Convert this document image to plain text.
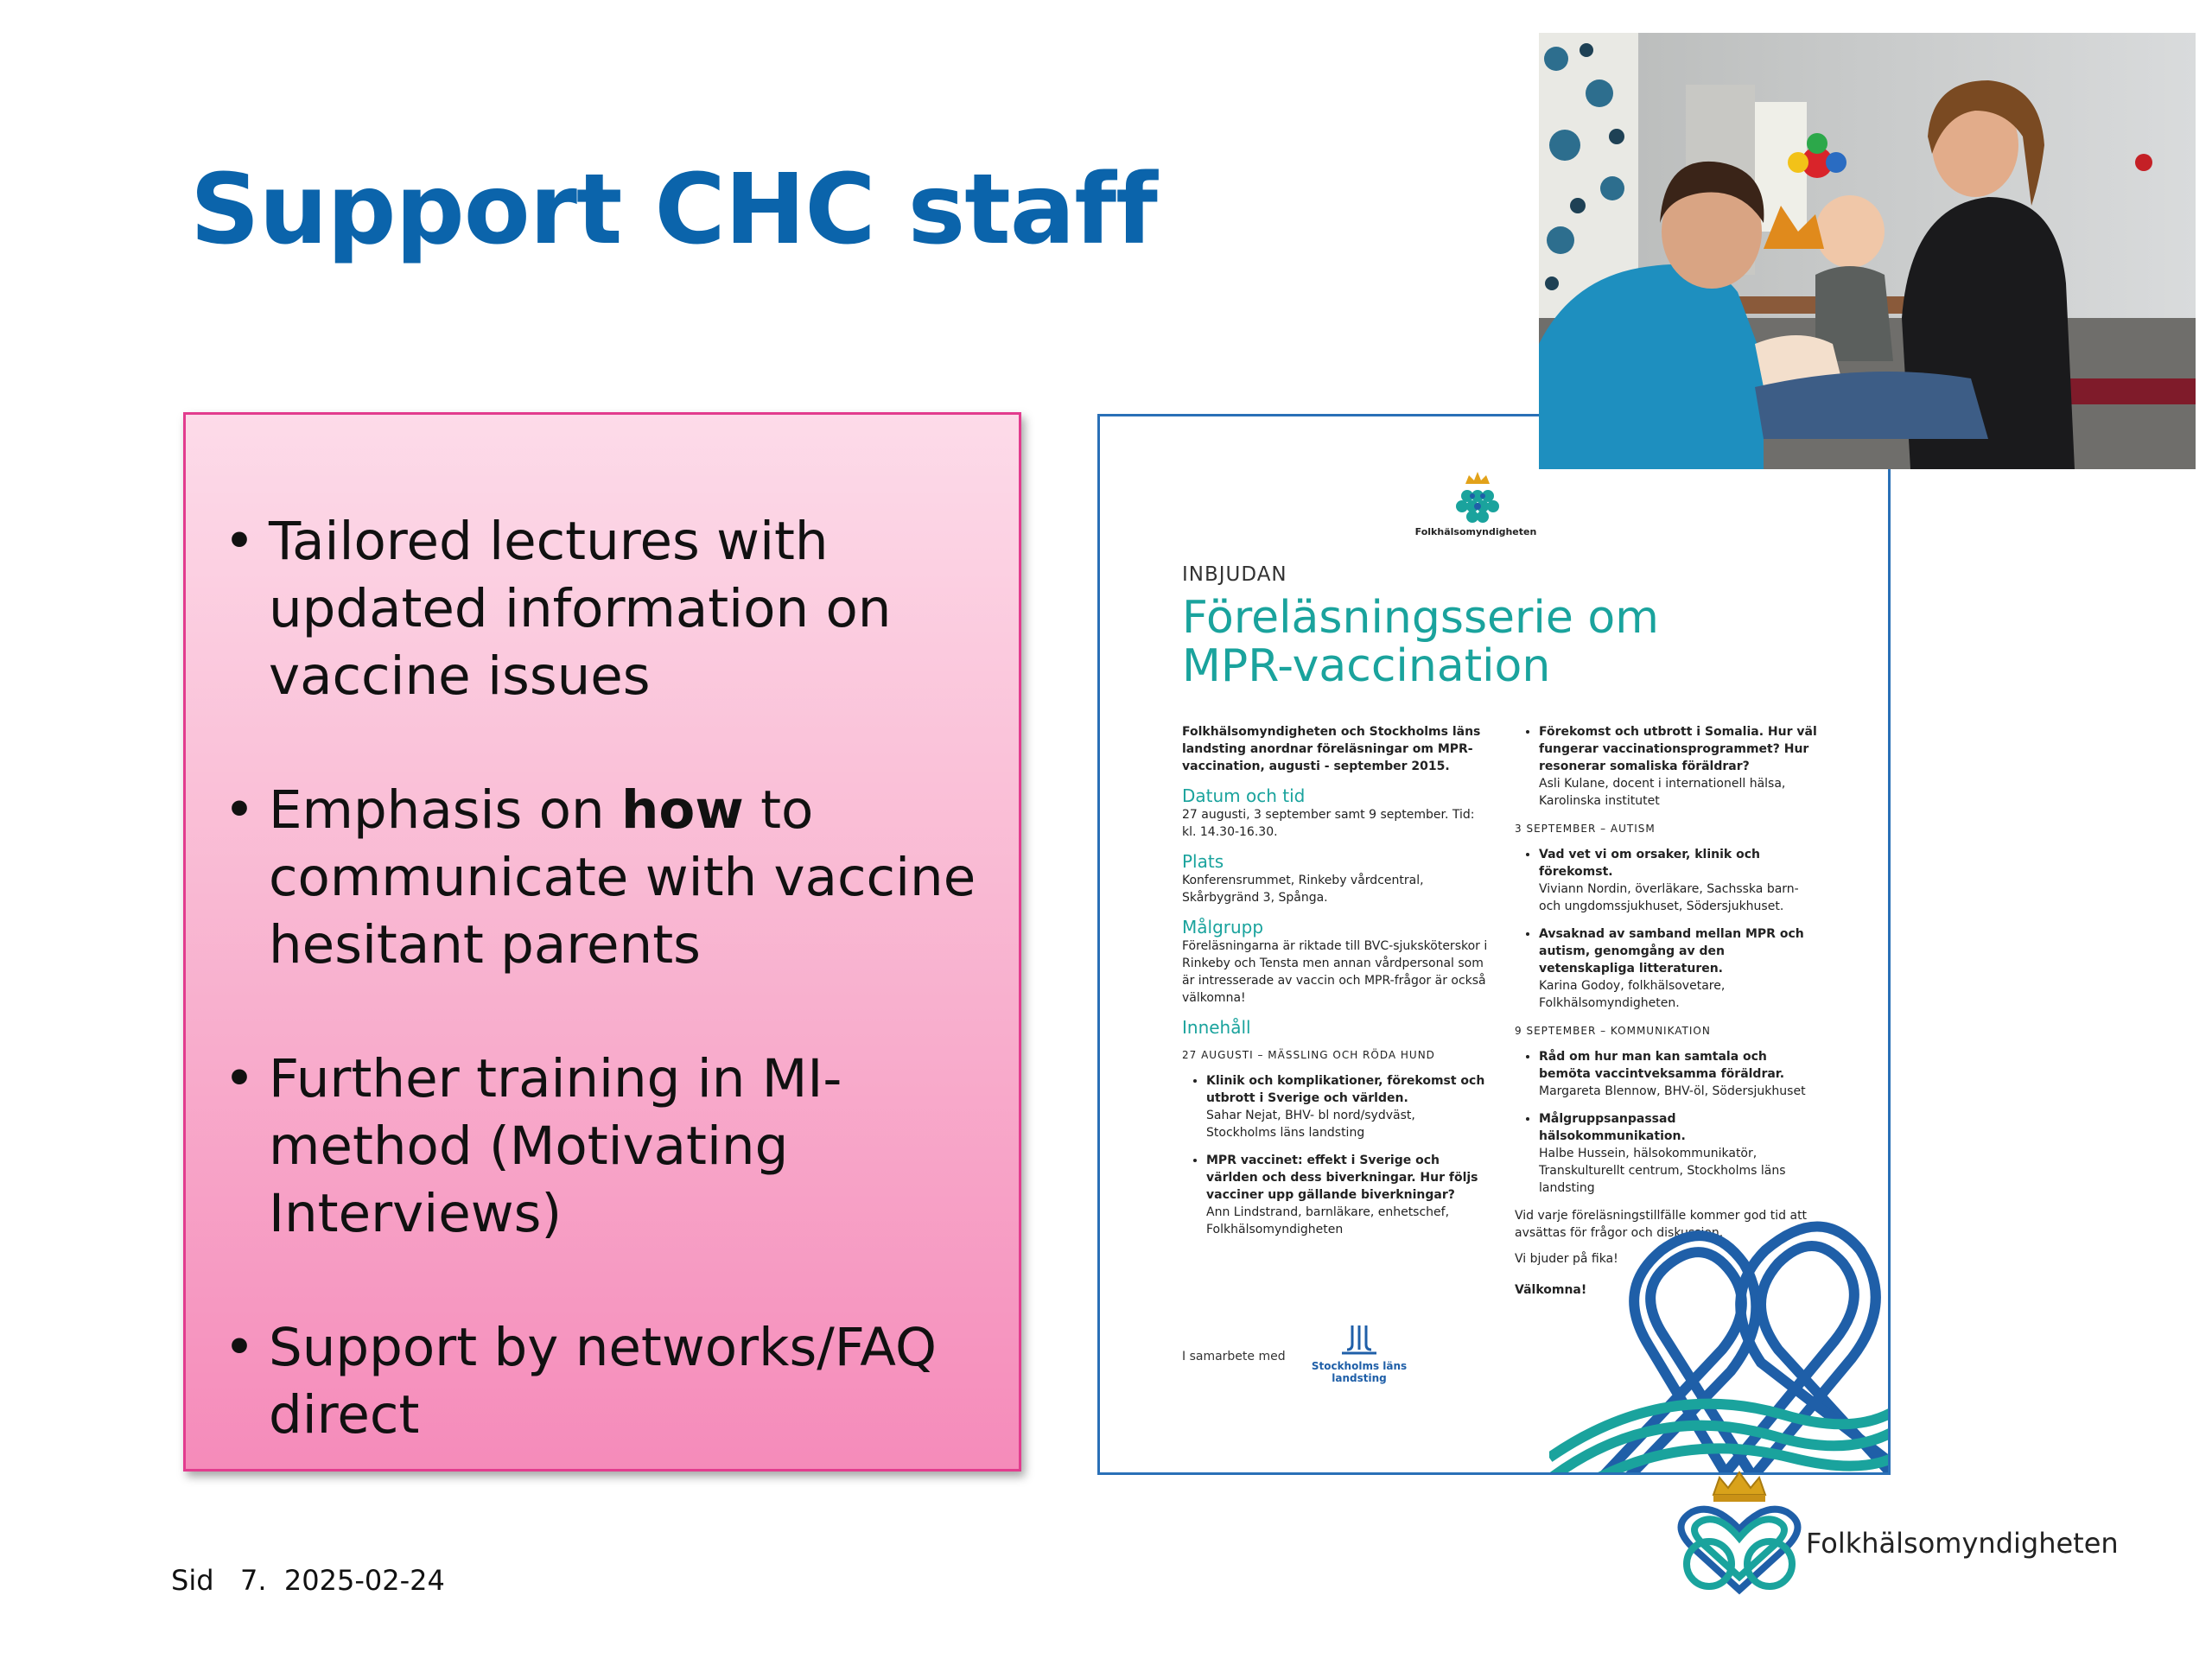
Support CHC staff
• Tailored lectures with updated information on vaccine issues
• Emphasis on how to communicate with vaccine hesitant parents
• Further training in MI-method (Motivating Interviews)
• Support by networks/FAQ direct
Folkhälsomyndigheten
INBJUDAN
Föreläsningsserie om
MPR-vaccination

Folkhälsomyndigheten och Stockholms läns landsting anordnar föreläsningar om MPR-vaccination, augusti - september 2015.

Datum och tid

27 augusti, 3 september samt 9 september. Tid: kl. 14.30-16.30.

Plats

Konferensrummet, Rinkeby vårdcentral, Skårbygränd 3, Spånga.

Målgrupp

Föreläsningarna är riktade till BVC-sjuksköterskor i Rinkeby och Tensta men annan vårdpersonal som är intresserade av vaccin och MPR-frågor är också välkomna!

Innehåll
27 AUGUSTI – MÄSSLING OCH RÖDA HUND
• Klinik och komplikationer, förekomst och utbrott i Sverige och världen.
Sahar Nejat, BHV- bl nord/sydväst, Stockholms läns landsting
• MPR vaccinet: effekt i Sverige och världen och dess biverkningar. Hur följs vacciner upp gällande biverkningar?
Ann Lindstrand, barnläkare, enhetschef, Folkhälsomyndigheten
• Förekomst och utbrott i Somalia. Hur väl fungerar vaccinationsprogrammet? Hur resonerar somaliska föräldrar?
Asli Kulane, docent i internationell hälsa, Karolinska institutet
3 SEPTEMBER – AUTISM
• Vad vet vi om orsaker, klinik och förekomst.
Viviann Nordin, överläkare, Sachsska barn- och ungdomssjukhuset, Södersjukhuset.
• Avsaknad av samband mellan MPR och autism, genomgång av den vetenskapliga litteraturen.
Karina Godoy, folkhälsovetare, Folkhälsomyndigheten.
9 SEPTEMBER – KOMMUNIKATION
• Råd om hur man kan samtala och bemöta vaccintveksamma föräldrar.
Margareta Blennow, BHV-öl, Södersjukhuset
• Målgruppsanpassad hälsokommunikation.
Halbe Hussein, hälsokommunikatör, Transkulturellt centrum, Stockholms läns landsting

Vid varje föreläsningstillfälle kommer god tid att avsättas för frågor och diskussion.

Vi bjuder på fika!

Välkomna!

I samarbete med
Stockholms läns
landsting
Sid 7. 2025-02-24
Folkhälsomyndigheten
